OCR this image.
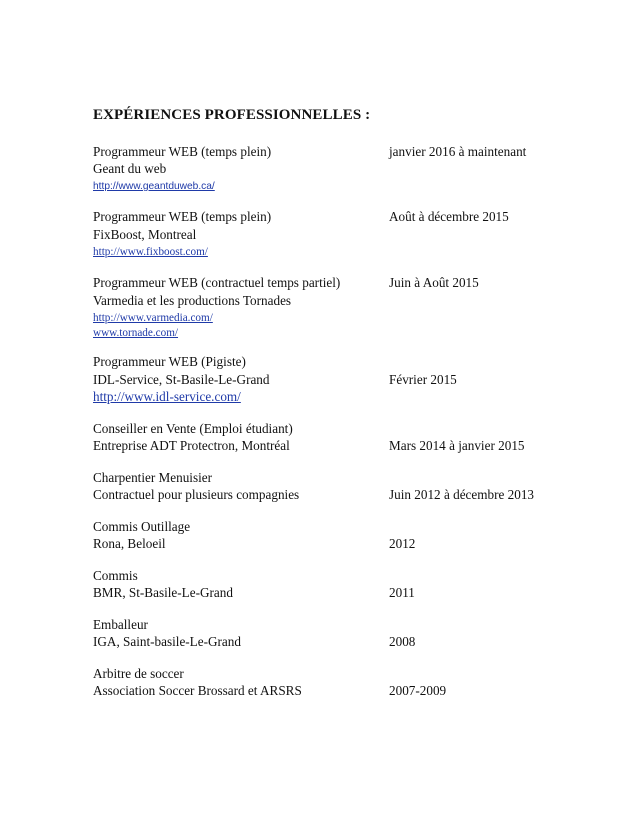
EXPÉRIENCES PROFESSIONNELLES :
Programmeur WEB (temps plein)	janvier 2016 à maintenant
Geant du web
http://www.geantduweb.ca/
Programmeur WEB (temps plein)	Août à décembre 2015
FixBoost, Montreal
http://www.fixboost.com/
Programmeur WEB (contractuel temps partiel)	Juin à Août 2015
Varmedia et les productions Tornades
http://www.varmedia.com/
www.tornade.com/
Programmeur WEB (Pigiste)
IDL-Service, St-Basile-Le-Grand	Février 2015
http://www.idl-service.com/
Conseiller en Vente (Emploi étudiant)
Entreprise ADT Protectron, Montréal	Mars 2014 à janvier 2015
Charpentier Menuisier
Contractuel pour plusieurs compagnies	Juin 2012 à décembre 2013
Commis Outillage
Rona, Beloeil	2012
Commis
BMR, St-Basile-Le-Grand	2011
Emballeur
IGA, Saint-basile-Le-Grand	2008
Arbitre de soccer
Association Soccer Brossard et ARSRS	2007-2009
